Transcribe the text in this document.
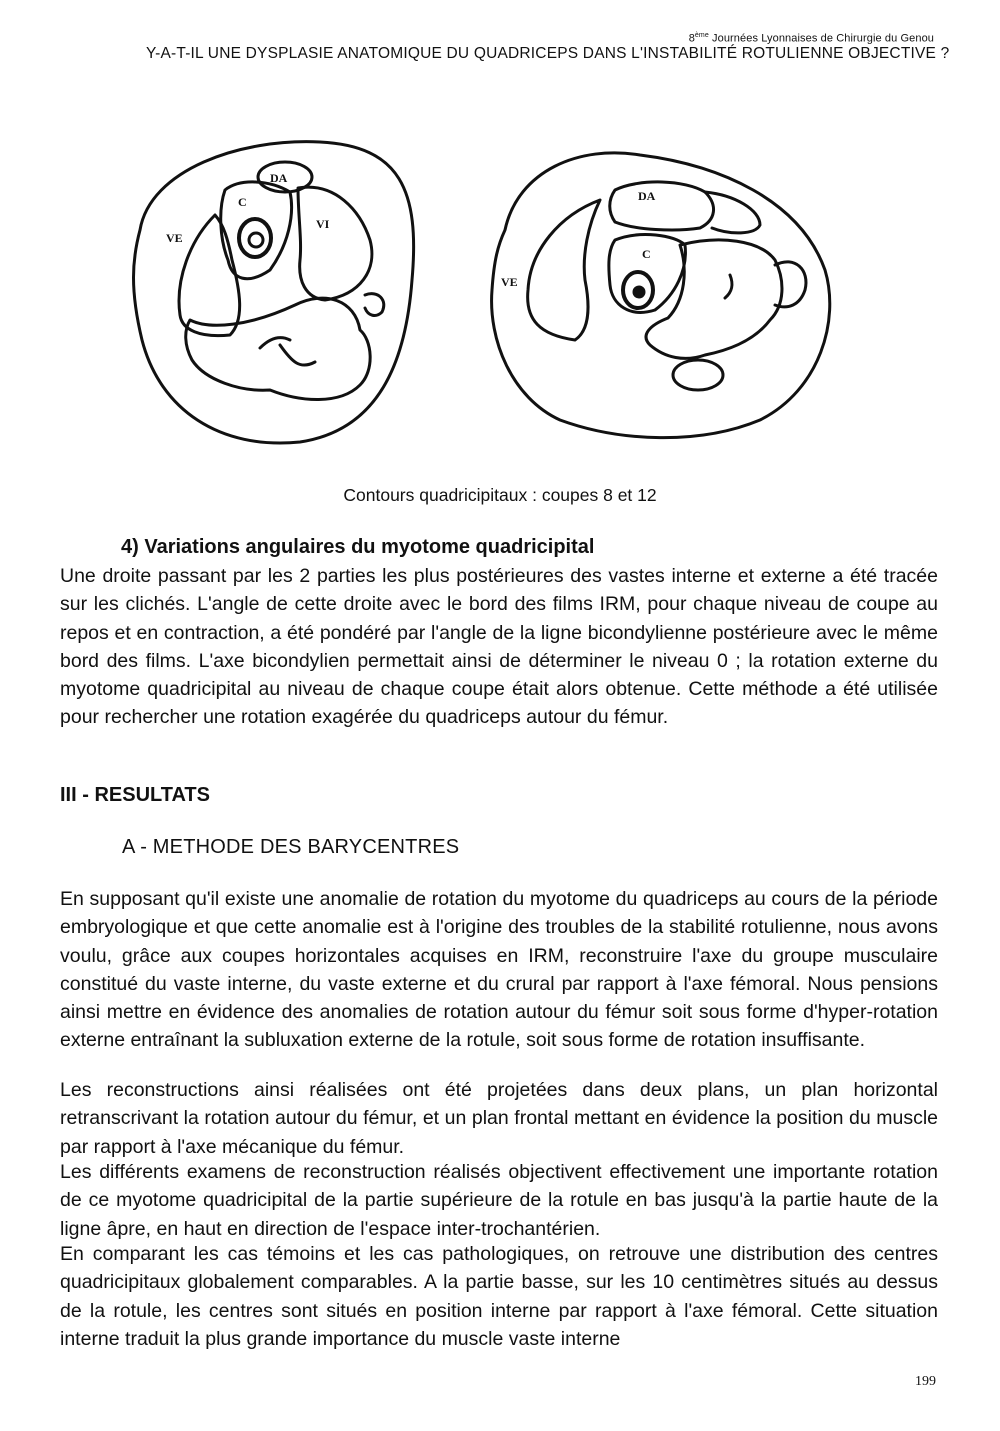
8ème Journées Lyonnaises de Chirurgie du Genou
Y-A-T-IL UNE DYSPLASIE ANATOMIQUE DU QUADRICEPS DANS L'INSTABILITÉ ROTULIENNE OBJECTIVE ?
DA
C
VI
VE
DA
C
VE
Contours quadricipitaux : coupes 8 et 12
4) Variations angulaires du myotome quadricipital
Une droite passant par les 2 parties les plus postérieures des vastes interne et externe a été tracée sur les clichés. L'angle de cette droite avec le bord des films IRM, pour chaque niveau de coupe au repos et en contraction, a été pondéré par l'angle de la ligne bicondylienne postérieure avec le même bord des films. L'axe bicondylien permettait ainsi de déterminer le niveau 0 ; la rotation externe du myotome quadricipital au niveau de chaque coupe était alors obtenue. Cette méthode a été utilisée pour rechercher une rotation exagérée du quadriceps autour du fémur.
III - RESULTATS
A - METHODE DES BARYCENTRES
En supposant qu'il existe une anomalie de rotation du myotome du quadriceps au cours de la période embryologique et que cette anomalie est à l'origine des troubles de la stabilité rotulienne, nous avons voulu, grâce aux coupes horizontales acquises en IRM, reconstruire l'axe du groupe musculaire constitué du vaste interne, du vaste externe et du crural par rapport à l'axe fémoral. Nous pensions ainsi mettre en évidence des anomalies de rotation autour du fémur soit sous forme d'hyper-rotation externe entraînant la subluxation externe de la rotule, soit sous forme de rotation insuffisante.
Les reconstructions ainsi réalisées ont été projetées dans deux plans, un plan horizontal retranscrivant la rotation autour du fémur, et un plan frontal mettant en évidence la position du muscle par rapport à l'axe mécanique du fémur.
Les différents examens de reconstruction réalisés objectivent effectivement une importante rotation de ce myotome quadricipital de la partie supérieure de la rotule en bas jusqu'à la partie haute de la ligne âpre, en haut en direction de l'espace inter-trochantérien.
En comparant les cas témoins et les cas pathologiques, on retrouve une distribution des centres quadricipitaux globalement comparables. A la partie basse, sur les 10 centimètres situés au dessus de la rotule, les centres sont situés en position interne par rapport à l'axe fémoral. Cette situation interne traduit la plus grande importance du muscle vaste interne
199
